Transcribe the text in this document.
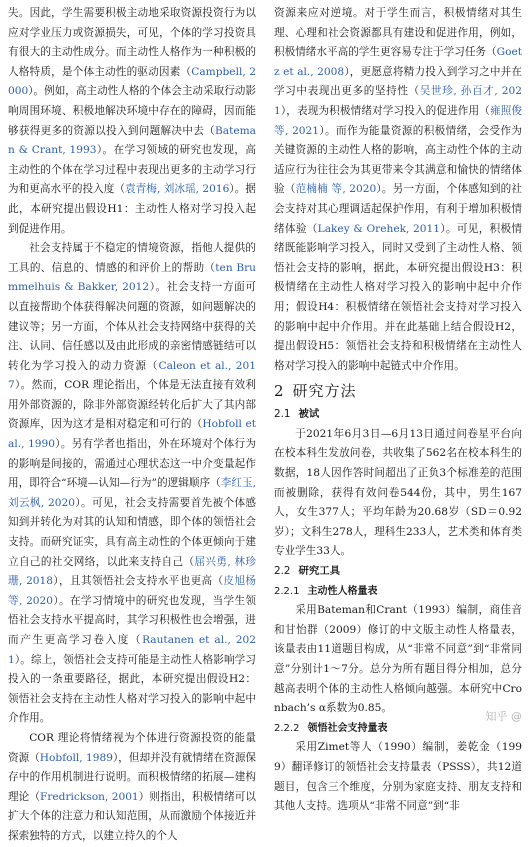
失。因此，学生需要积极主动地采取资源投资行为以应对学业压力或资源损失，可见，个体的学习投资具有很大的主动性成分。而主动性人格作为一种积极的人格特质，是个体主动性的驱动因素（Campbell, 2000）。例如，高主动性人格的个体会主动采取行动影响周围环境、积极地解决环境中存在的障碍，因而能够获得更多的资源以投入到问题解决中去（Bateman & Crant, 1993）。在学习领域的研究也发现，高主动性的个体在学习过程中表现出更多的主动学习行为和更高水平的投入度（袁青梅, 刘冰瑶, 2016）。据此，本研究提出假设H1：主动性人格对学习投入起到促进作用。

社会支持属于不稳定的情境资源，指他人提供的工具的、信息的、情感的和评价上的帮助（ten Brummelhuis & Bakker, 2012）。社会支持一方面可以直接帮助个体获得解决问题的资源，如问题解决的建议等；另一方面，个体从社会支持网络中获得的关注、认同、信任感以及由此形成的亲密情感链结可以转化为学习投入的动力资源（Caleon et al., 2017）。然而，COR 理论指出，个体是无法直接有效利用外部资源的，除非外部资源经转化后扩大了其内部资源库，因为这才是相对稳定和可行的（Hobfoll et al., 1990）。另有学者也指出，外在环境对个体行为的影响是间接的，需通过心理状态这一中介变量起作用，即符合“环境—认知—行为”的逻辑顺序（李红玉, 刘云枫, 2020）。可见，社会支持需要首先被个体感知到并转化为对其的认知和情感，即个体的领悟社会支持。而研究证实，具有高主动性的个体更倾向于建立自己的社交网络，以此来支持自己（屈兴勇, 林珍珊, 2018），且其领悟社会支持水平也更高（皮旭杨 等, 2020）。在学习情境中的研究也发现，当学生领悟社会支持水平提高时，其学习积极性也会增强，进而产生更高学习卷入度（Rautanen et al., 2021）。综上，领悟社会支持可能是主动性人格影响学习投入的一条重要路径，据此，本研究提出假设H2：领悟社会支持在主动性人格对学习投入的影响中起中介作用。

COR 理论将情绪视为个体进行资源投资的能量资源（Hobfoll, 1989），但却并没有就情绪在资源保存中的作用机制进行说明。而积极情绪的拓展—建构理论（Fredrickson, 2001）则指出，积极情绪可以扩大个体的注意力和认知范围，从而激励个体接近并探索独特的方式，以建立持久的个人

资源来应对逆境。对于学生而言，积极情绪对其生理、心理和社会资源都具有建设和促进作用，例如，积极情绪水平高的学生更容易专注于学习任务（Goetz et al., 2008），更愿意将精力投入到学习之中并在学习中表现出更多的坚持性（吴世珍, 孙百才, 2021），表现为积极情绪对学习投入的促进作用（雍照俊 等, 2021）。而作为能量资源的积极情绪，会受作为关键资源的主动性人格的影响，高主动性个体的主动适应行为往往会为其更带来令其满意和愉快的情绪体验（范楠楠 等, 2020）。另一方面，个体感知到的社会支持对其心理调适起保护作用，有利于增加积极情绪体验（Lakey & Orehek, 2011）。可见，积极情绪既能影响学习投入，同时又受到了主动性人格、领悟社会支持的影响，据此，本研究提出假设H3：积极情绪在主动性人格对学习投入的影响中起中介作用；假设H4：积极情绪在领悟社会支持对学习投入的影响中起中介作用。并在此基础上结合假设H2，提出假设H5：领悟社会支持和积极情绪在主动性人格对学习投入的影响中起链式中介作用。

2 研究方法
2.1 被试

于2021年6月3日—6月13日通过问卷星平台向在校本科生发放问卷，共收集了562名在校本科生的数据，18人因作答时间超出了正负3个标准差的范围而被删除，获得有效问卷544份，其中，男生167人，女生377人；平均年龄为20.68岁（SD＝0.92岁）；文科生278人，理科生233人，艺术类和体育类专业学生33人。

2.2 研究工具
2.2.1 主动性人格量表

采用Bateman和Crant（1993）编制，商佳音和甘怡群（2009）修订的中文版主动性人格量表，该量表由11道题目构成，从“非常不同意”到“非常同意”分别计1～7分。总分为所有题目得分相加，总分越高表明个体的主动性人格倾向越强。本研究中Cronbach’s α系数为0.85。

2.2.2 领悟社会支持量表

采用Zimet等人（1990）编制，姜乾金（1999）翻译修订的领悟社会支持量表（PSSS），共12道题目，包含三个维度，分别为家庭支持、朋友支持和其他人支持。选项从“非常不同意”到“非

知乎 @
